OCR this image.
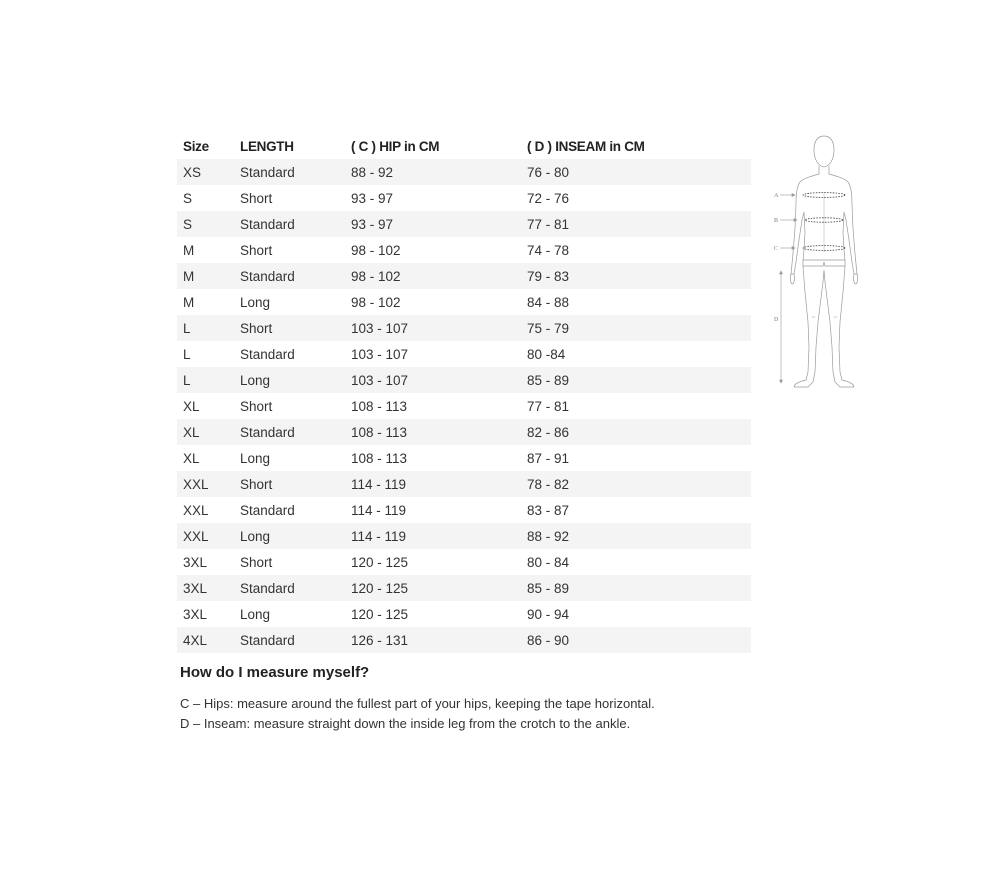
Size	LENGTH	( C ) HIP in CM	( D ) INSEAM in CM
XS	Standard	88 - 92	76 - 80
S	Short	93 - 97	72 - 76
S	Standard	93 - 97	77 - 81
M	Short	98 - 102	74 - 78
M	Standard	98 - 102	79 - 83
M	Long	98 - 102	84 - 88
L	Short	103 - 107	75 - 79
L	Standard	103 - 107	80 -84
L	Long	103 - 107	85 - 89
XL	Short	108 - 113	77 - 81
XL	Standard	108 - 113	82 - 86
XL	Long	108 - 113	87 - 91
XXL	Short	114 - 119	78 - 82
XXL	Standard	114 - 119	83 - 87
XXL	Long	114 - 119	88 - 92
3XL	Short	120 - 125	80 - 84
3XL	Standard	120 - 125	85 - 89
3XL	Long	120 - 125	90 - 94
4XL	Standard	126 - 131	86 - 90
A
B
C
D
How do I measure myself?

C – Hips: measure around the fullest part of your hips, keeping the tape horizontal.

D – Inseam: measure straight down the inside leg from the crotch to the ankle.
